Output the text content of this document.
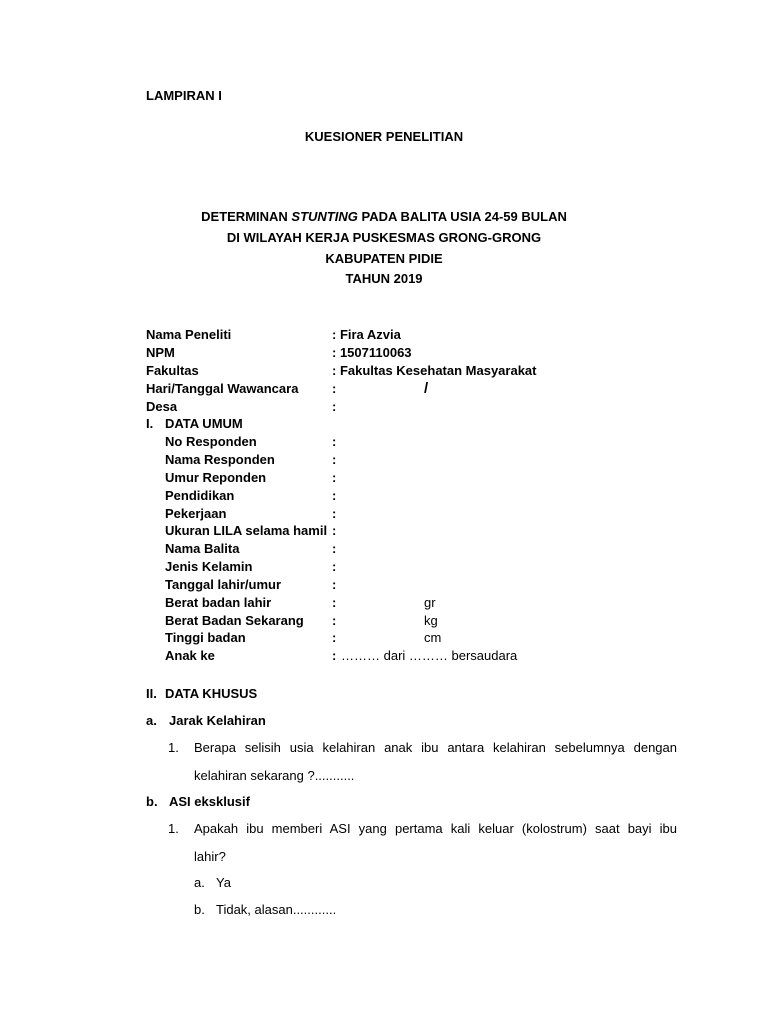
LAMPIRAN I
KUESIONER PENELITIAN
DETERMINAN STUNTING PADA BALITA USIA 24-59 BULAN
DI WILAYAH KERJA PUSKESMAS GRONG-GRONG
KABUPATEN PIDIE
TAHUN 2019
Nama Peneliti	: Fira Azvia
NPM	: 1507110063
Fakultas	: Fakultas Kesehatan Masyarakat
Hari/Tanggal Wawancara	:	/
Desa	:
I. DATA UMUM
No Responden	:
Nama Responden	:
Umur Reponden	:
Pendidikan	:
Pekerjaan	:
Ukuran LILA selama hamil :
Nama Balita	:
Jenis Kelamin	:
Tanggal lahir/umur	:
Berat badan lahir	:	gr
Berat Badan Sekarang :	kg
Tinggi badan	:	cm
Anak ke	: ……… dari ……… bersaudara
II. DATA KHUSUS
a. Jarak Kelahiran
1. Berapa selisih usia kelahiran anak ibu antara kelahiran sebelumnya dengan
kelahiran sekarang ?...........
b. ASI eksklusif
1. Apakah ibu memberi ASI yang pertama kali keluar (kolostrum) saat bayi ibu
lahir?
a. Ya
b. Tidak, alasan............
